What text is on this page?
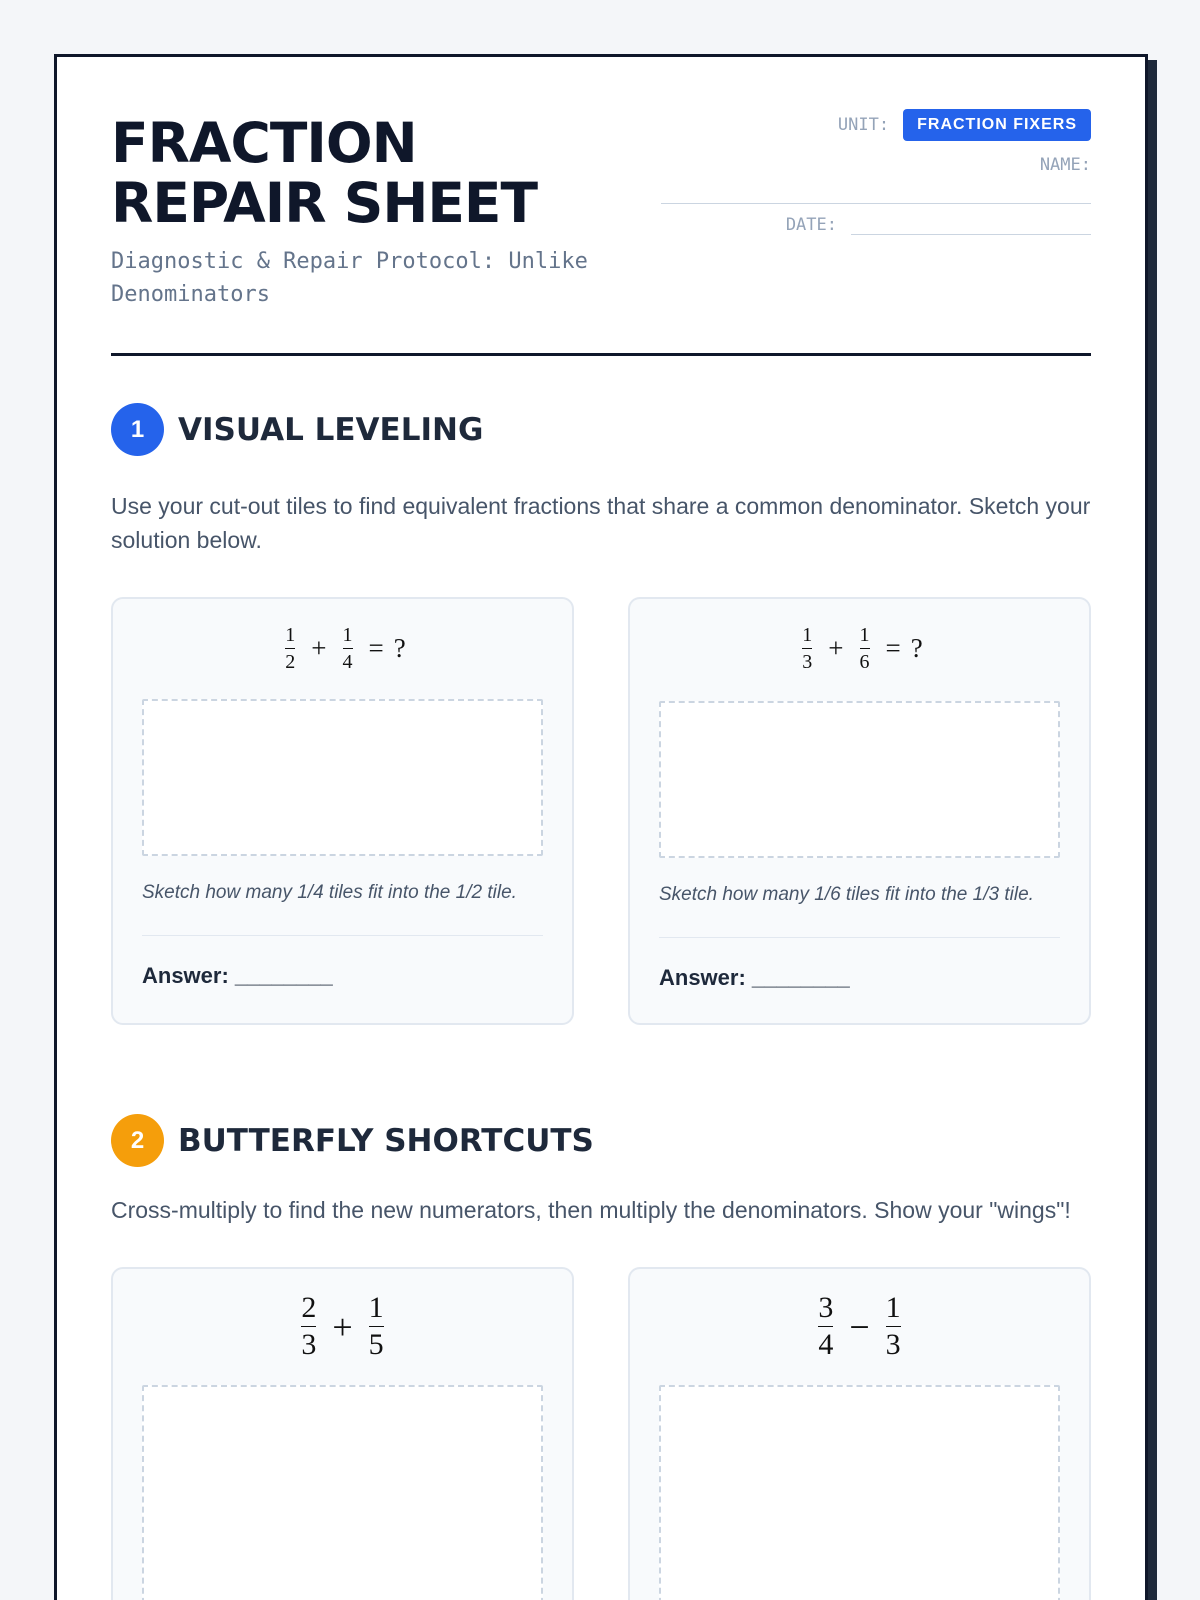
FRACTION
REPAIR SHEET
Diagnostic & Repair Protocol: Unlike Denominators
UNIT:	FRACTION FIXERS
NAME:
DATE:
1	VISUAL LEVELING
Use your cut-out tiles to find equivalent fractions that share a common denominator. Sketch your solution below.
$\frac{1}{2} + \frac{1}{4}$ = ?
Sketch how many 1/4 tiles fit into the 1/2 tile.
Answer: ________
$\frac{1}{3} + \frac{1}{6}$ = ?
Sketch how many 1/6 tiles fit into the 1/3 tile.
Answer: ________
2	BUTTERFLY SHORTCUTS
Cross-multiply to find the new numerators, then multiply the denominators. Show your "wings"!
$\frac{2}{3} + \frac{1}{5}$	$\frac{3}{4} - \frac{1}{3}$
